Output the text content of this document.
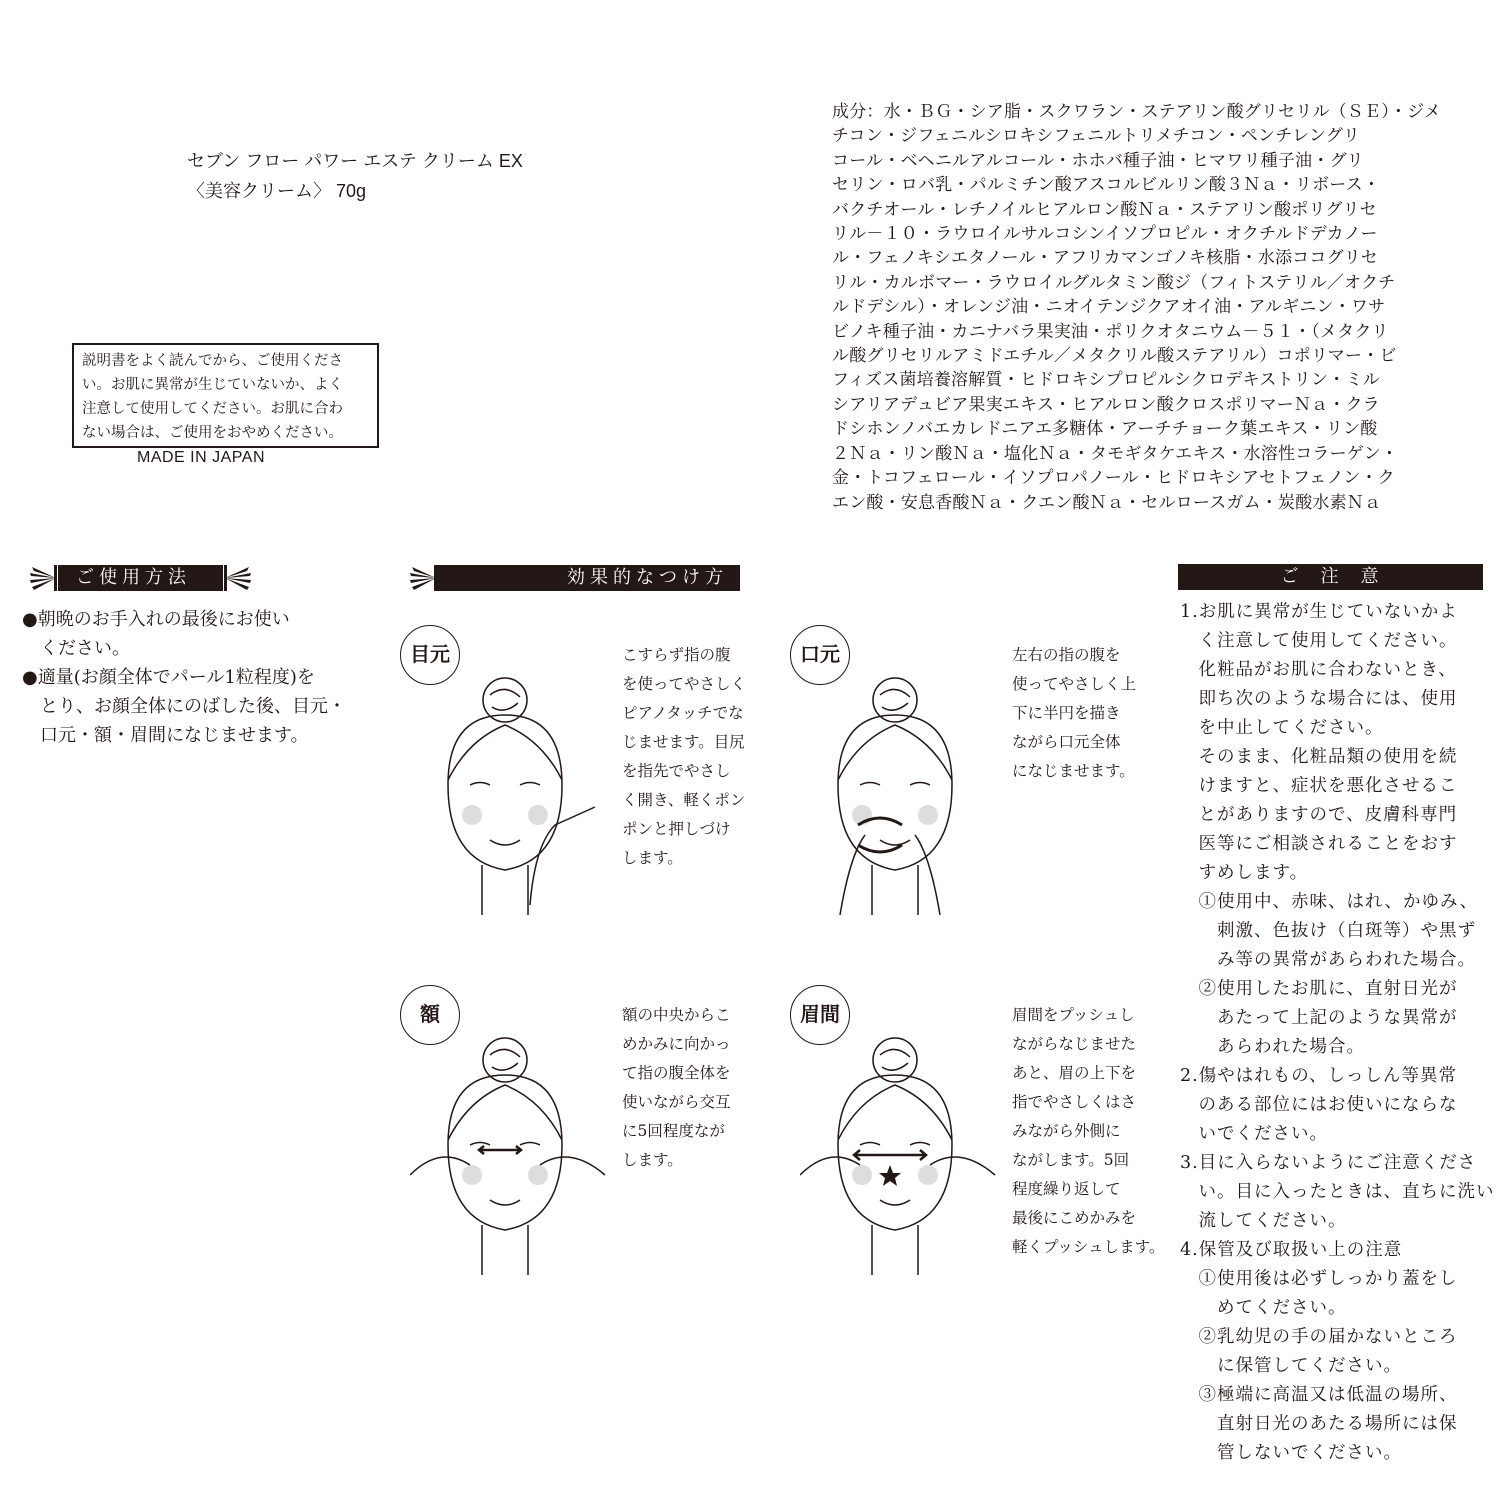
セブン フロー パワー エステ クリーム EX
〈美容クリーム〉 70g
成分：水・ＢＧ・シア脂・スクワラン・ステアリン酸グリセリル（ＳＥ）・ジメ
チコン・ジフェニルシロキシフェニルトリメチコン・ペンチレングリ
コール・ベヘニルアルコール・ホホバ種子油・ヒマワリ種子油・グリ
セリン・ロバ乳・パルミチン酸アスコルビルリン酸３Ｎａ・リボース・
バクチオール・レチノイルヒアルロン酸Ｎａ・ステアリン酸ポリグリセ
リル－１０・ラウロイルサルコシンイソプロピル・オクチルドデカノー
ル・フェノキシエタノール・アフリカマンゴノキ核脂・水添ココグリセ
リル・カルボマー・ラウロイルグルタミン酸ジ（フィトステリル／オクチ
ルドデシル）・オレンジ油・ニオイテンジクアオイ油・アルギニン・ワサ
ビノキ種子油・カニナバラ果実油・ポリクオタニウム－５１・（メタクリ
ル酸グリセリルアミドエチル／メタクリル酸ステアリル）コポリマー・ビ
フィズス菌培養溶解質・ヒドロキシプロピルシクロデキストリン・ミル
シアリアデュビア果実エキス・ヒアルロン酸クロスポリマーＮａ・クラ
ドシホンノバエカレドニアエ多糖体・アーチチョーク葉エキス・リン酸
２Ｎａ・リン酸Ｎａ・塩化Ｎａ・タモギタケエキス・水溶性コラーゲン・
金・トコフェロール・イソプロパノール・ヒドロキシアセトフェノン・ク
エン酸・安息香酸Ｎａ・クエン酸Ｎａ・セルロースガム・炭酸水素Ｎａ
説明書をよく読んでから、ご使用くださ
い。お肌に異常が生じていないか、よく
注意して使用してください。お肌に合わ
ない場合は、ご使用をおやめください。
MADE IN JAPAN
ご使用方法
●朝晩のお手入れの最後にお使い
ください。
●適量(お顔全体でパール1粒程度)を
とり、お顔全体にのばした後、目元・
口元・額・眉間になじませます。
効果的なつけ方
目元	こすらず指の腹
を使ってやさしく
ピアノタッチでな
じませます。目尻
を指先でやさし
く開き、軽くポン
ポンと押しづけ
します。
口元	左右の指の腹を
使ってやさしく上
下に半円を描き
ながら口元全体
になじませます。
額	額の中央からこ
めかみに向かっ
て指の腹全体を
使いながら交互
に5回程度なが
します。
眉間	眉間をプッシュし
ながらなじませた
あと、眉の上下を
指でやさしくはさ
みながら外側に
ながします。5回
程度繰り返して
最後にこめかみを
軽くプッシュします。
ご　注　意
1.お肌に異常が生じていないかよ
　く注意して使用してください。
　化粧品がお肌に合わないとき、
　即ち次のような場合には、使用
　を中止してください。
　そのまま、化粧品類の使用を続
　けますと、症状を悪化させるこ
　とがありますので、皮膚科専門
　医等にご相談されることをおす
　すめします。
　①使用中、赤味、はれ、かゆみ、
　　刺激、色抜け（白斑等）や黒ず
　　み等の異常があらわれた場合。
　②使用したお肌に、直射日光が
　　あたって上記のような異常が
　　あらわれた場合。
2.傷やはれもの、しっしん等異常
　のある部位にはお使いにならな
　いでください。
3.目に入らないようにご注意くださ
　い。目に入ったときは、直ちに洗い
　流してください。
4.保管及び取扱い上の注意
　①使用後は必ずしっかり蓋をし
　　めてください。
　②乳幼児の手の届かないところ
　　に保管してください。
　③極端に高温又は低温の場所、
　　直射日光のあたる場所には保
　　管しないでください。
